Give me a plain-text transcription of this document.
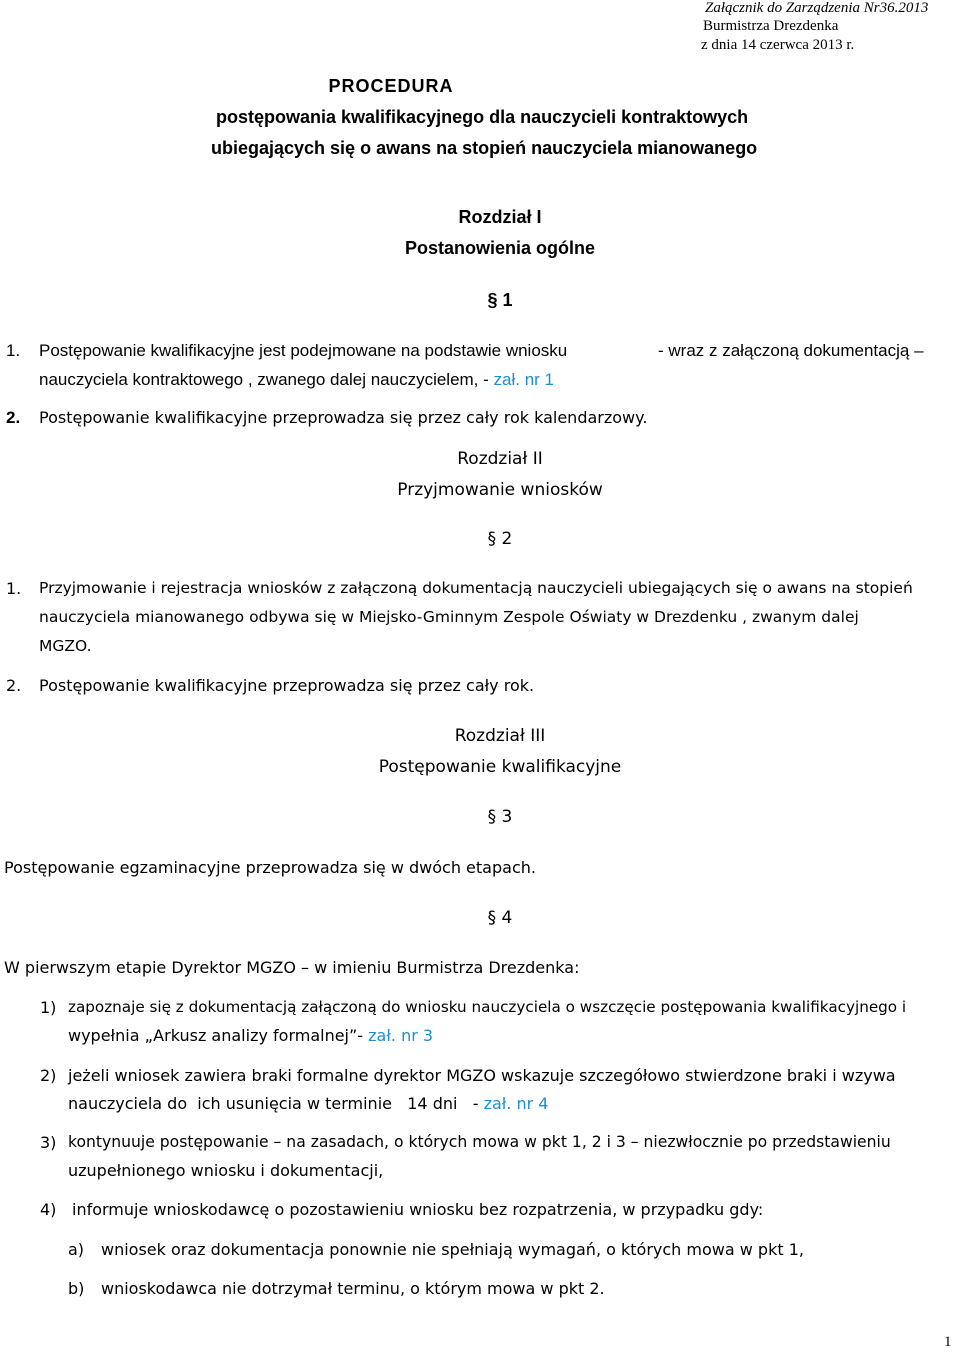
Załącznik do Zarządzenia Nr36.2013
Burmistrza Drezdenka
z dnia 14 czerwca 2013 r.
PROCEDURA
postępowania kwalifikacyjnego dla nauczycieli kontraktowych
ubiegających się o awans na stopień nauczyciela mianowanego
Rozdział I
Postanowienia ogólne
§ 1
1. Postępowanie kwalifikacyjne jest podejmowane na podstawie wniosku	- wraz z załączoną dokumentacją –
nauczyciela kontraktowego , zwanego dalej nauczycielem, - zał. nr 1
2. Postępowanie kwalifikacyjne przeprowadza się przez cały rok kalendarzowy.
Rozdział II
Przyjmowanie wniosków
§ 2
1. Przyjmowanie i rejestracja wniosków z załączoną dokumentacją nauczycieli ubiegających się o awans na stopień
nauczyciela mianowanego odbywa się w Miejsko-Gminnym Zespole Oświaty w Drezdenku , zwanym dalej
MGZO.
2. Postępowanie kwalifikacyjne przeprowadza się przez cały rok.
Rozdział III
Postępowanie kwalifikacyjne
§ 3
Postępowanie egzaminacyjne przeprowadza się w dwóch etapach.
§ 4
W pierwszym etapie Dyrektor MGZO – w imieniu Burmistrza Drezdenka:
1) zapoznaje się z dokumentacją załączoną do wniosku nauczyciela o wszczęcie postępowania kwalifikacyjnego i
wypełnia „Arkusz analizy formalnej”- zał. nr 3
2) jeżeli wniosek zawiera braki formalne dyrektor MGZO wskazuje szczegółowo stwierdzone braki i wzywa
nauczyciela do  ich usunięcia w terminie   14 dni   - zał. nr 4
3) kontynuuje postępowanie – na zasadach, o których mowa w pkt 1, 2 i 3 – niezwłocznie po przedstawieniu
uzupełnionego wniosku i dokumentacji,
4) informuje wnioskodawcę o pozostawieniu wniosku bez rozpatrzenia, w przypadku gdy:
a) wniosek oraz dokumentacja ponownie nie spełniają wymagań, o których mowa w pkt 1,
b) wnioskodawca nie dotrzymał terminu, o którym mowa w pkt 2.
1
